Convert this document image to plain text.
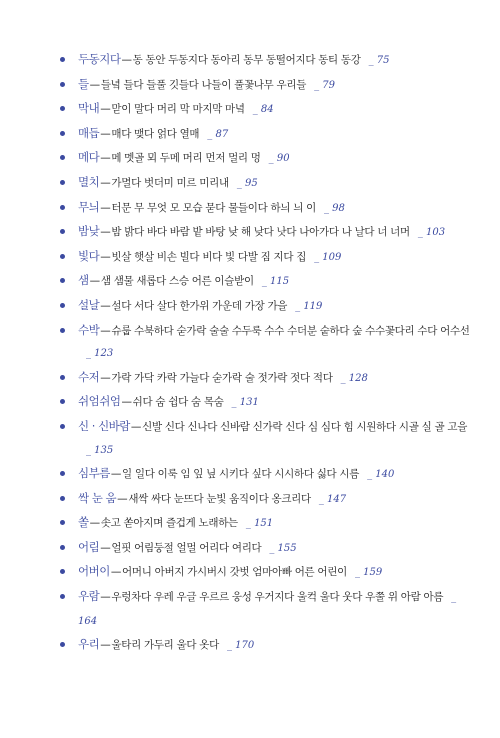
두동지다—동 동안 두동지다 동아리 동무 동떨어지다 동티 동강 _ 75
들—들녘 들다 들풀 깃들다 나들이 풀꽃나무 우리들 _ 79
막내—맏이 말다 머리 막 마지막 마녘 _ 84
매듭—매다 맺다 얽다 열매 _ 87
메다—메 멧골 뫼 두메 머리 먼저 멀리 멍 _ 90
멸치—가멸다 벗더미 미르 미리내 _ 95
무늬—터문 무 무엇 모 모습 묻다 물들이다 하늬 늬 이 _ 98
밤낮—밤 밝다 바다 바람 밭 바탕 낮 해 낮다 낫다 나아가다 나 날다 너 너머 _ 103
빛다—빗살 햇살 비손 빌다 비다 빛 다발 짐 지다 집 _ 109
샘—샘 샘물 새롭다 스승 어른 이슬받이 _ 115
설날—설다 서다 살다 한가위 가운데 가장 가을 _ 119
수박—슈룹 수북하다 숟가락 술술 수두룩 수수 수더분 숱하다 숲 수수꽃다리 수다 어수선_ 123
수저—가락 가닥 카락 가늘다 숟가락 술 젓가락 젓다 적다 _ 128
쉬엄쉬엄—쉬다 숨 쉽다 숨 목숨 _ 131
신 · 신바람—신발 신다 신나다 신바람 신가락 신다 심 심다 힘 시원하다 시골 실 골 고을_ 135
심부름—일 일다 이룩 임 잎 닢 시키다 싶다 시시하다 싫다 시름 _ 140
싹 눈 움—새싹 싸다 눈뜨다 눈빛 움직이다 옹크리다 _ 147
쏠—솟고 쏟아지며 즐겁게 노래하는 _ 151
어림—얼핏 어림둥절 얼멀 어리다 여리다 _ 155
어버이—어머니 아버지 가시버시 갓벗 엄마아빠 어른 어린이 _ 159
우람—우렁차다 우레 우글 우르르 웅성 우거지다 울컥 울다 웃다 우쭐 위 아람 아름 _ 164
우리—울타리 가두리 울다 옷다 _ 170
